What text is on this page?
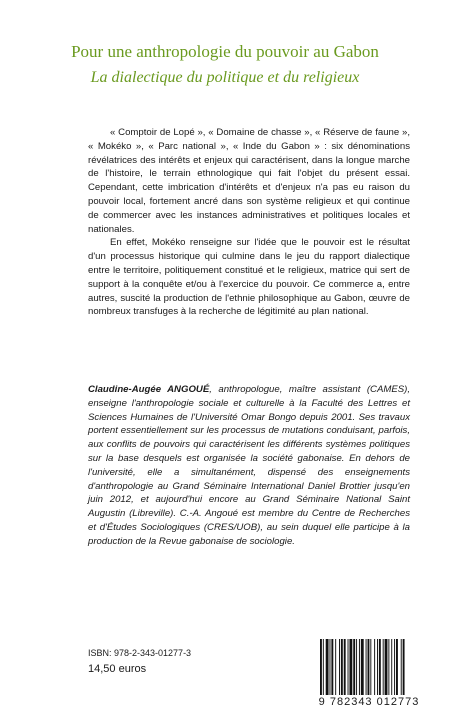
Pour une anthropologie du pouvoir au Gabon
La dialectique du politique et du religieux

« Comptoir de Lopé », « Domaine de chasse », « Réserve de faune », « Mokéko », « Parc national », « Inde du Gabon » : six dénominations révélatrices des intérêts et enjeux qui caractérisent, dans la longue marche de l'histoire, le terrain ethnologique qui fait l'objet du présent essai. Cependant, cette imbrication d'intérêts et d'enjeux n'a pas eu raison du pouvoir local, fortement ancré dans son système religieux et qui continue de commercer avec les instances administratives et politiques locales et nationales.

En effet, Mokéko renseigne sur l'idée que le pouvoir est le résultat d'un processus historique qui culmine dans le jeu du rapport dialectique entre le territoire, politiquement constitué et le religieux, matrice qui sert de support à la conquête et/ou à l'exercice du pouvoir. Ce commerce a, entre autres, suscité la production de l'ethnie philosophique au Gabon, œuvre de nombreux transfuges à la recherche de légitimité au plan national.

Claudine-Augée ANGOUÉ, anthropologue, maître assistant (CAMES), enseigne l'anthropologie sociale et culturelle à la Faculté des Lettres et Sciences Humaines de l'Université Omar Bongo depuis 2001. Ses travaux portent essentiellement sur les processus de mutations conduisant, parfois, aux conflits de pouvoirs qui caractérisent les différents systèmes politiques sur la base desquels est organisée la société gabonaise. En dehors de l'université, elle a simultanément, dispensé des enseignements d'anthropologie au Grand Séminaire International Daniel Brottier jusqu'en juin 2012, et aujourd'hui encore au Grand Séminaire National Saint Augustin (Libreville). C.-A. Angoué est membre du Centre de Recherches et d'Études Sociologiques (CRES/UOB), au sein duquel elle participe à la production de la Revue gabonaise de sociologie.

ISBN: 978-2-343-01277-3
14,50 euros
9 782343 012773
